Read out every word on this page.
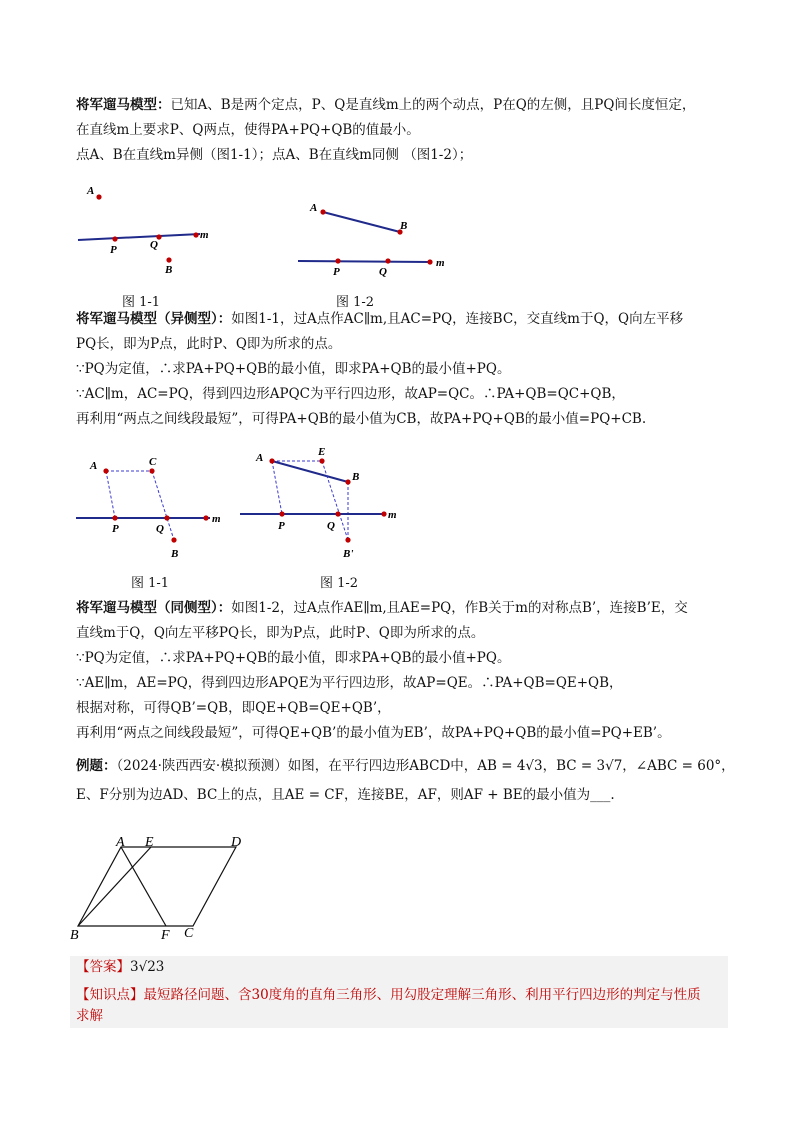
将军遛马模型：已知A、B是两个定点，P、Q是直线m上的两个动点，P在Q的左侧，且PQ间长度恒定，
在直线m上要求P、Q两点，使得PA+PQ+QB的值最小。
点A、B在直线m异侧（图1-1）；点A、B在直线m同侧 （图1-2）；
A
P	Q
m
B
A
B
P	Q
m
图 1-1	图 1-2
将军遛马模型（异侧型）：如图1-1，过A点作AC∥m,且AC=PQ，连接BC，交直线m于Q，Q向左平移
PQ长，即为P点，此时P、Q即为所求的点。
∵PQ为定值，∴求PA+PQ+QB的最小值，即求PA+QB的最小值+PQ。
∵AC∥m，AC=PQ，得到四边形APQC为平行四边形，故AP=QC。∴PA+QB=QC+QB，
再利用“两点之间线段最短”，可得PA+QB的最小值为CB，故PA+PQ+QB的最小值=PQ+CB.
A	C
P	Q
m
B
A	E
B
P	Q
m
B'
图 1-1	图 1-2
将军遛马模型（同侧型）：如图1-2，过A点作AE∥m,且AE=PQ，作B关于m的对称点B’，连接B’E，交
直线m于Q，Q向左平移PQ长，即为P点，此时P、Q即为所求的点。
∵PQ为定值，∴求PA+PQ+QB的最小值，即求PA+QB的最小值+PQ。
∵AE∥m，AE=PQ，得到四边形APQE为平行四边形，故AP=QE。∴PA+QB=QE+QB，
根据对称，可得QB’=QB，即QE+QB=QE+QB’，
再利用“两点之间线段最短”，可得QE+QB’的最小值为EB’，故PA+PQ+QB的最小值=PQ+EB’。
例题：（2024·陕西西安·模拟预测）如图，在平行四边形ABCD中，AB = 4√3，BC = 3√7，∠ABC = 60°，
E、F分别为边AD、BC上的点，且AE = CF，连接BE，AF，则AF + BE的最小值为___.
A E	D
B	F C
【答案】3√23
【知识点】最短路径问题、含30度角的直角三角形、用勾股定理解三角形、利用平行四边形的判定与性质
求解
